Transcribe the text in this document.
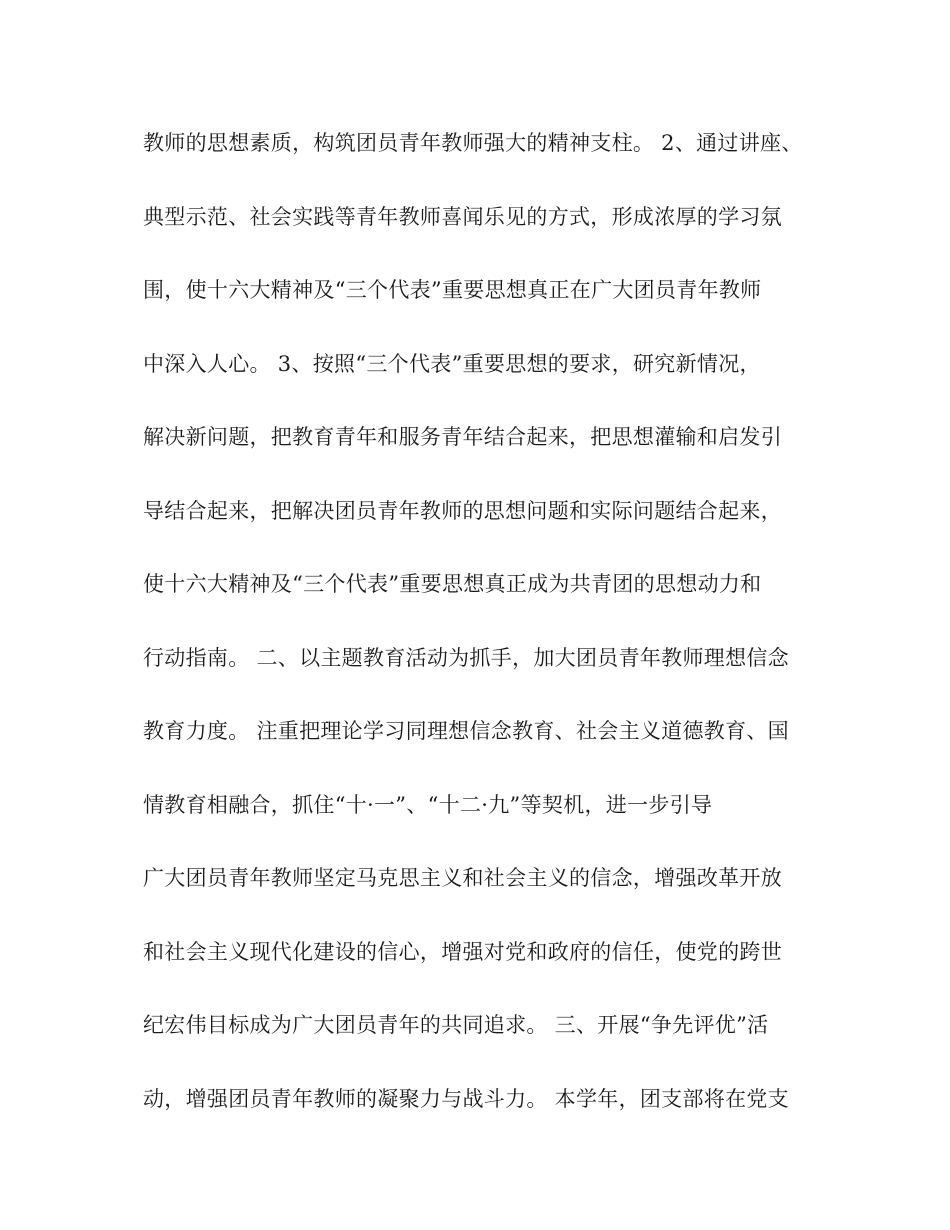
教师的思想素质，构筑团员青年教师强大的精神支柱。 2、通过讲座、
典型示范、社会实践等青年教师喜闻乐见的方式，形成浓厚的学习氛
围，使十六大精神及“三个代表”重要思想真正在广大团员青年教师
中深入人心。 3、按照“三个代表”重要思想的要求，研究新情况，
解决新问题，把教育青年和服务青年结合起来，把思想灌输和启发引
导结合起来，把解决团员青年教师的思想问题和实际问题结合起来，
使十六大精神及“三个代表”重要思想真正成为共青团的思想动力和
行动指南。 二、以主题教育活动为抓手，加大团员青年教师理想信念
教育力度。 注重把理论学习同理想信念教育、社会主义道德教育、国
情教育相融合，抓住“十·一”、“十二·九”等契机，进一步引导
广大团员青年教师坚定马克思主义和社会主义的信念，增强改革开放
和社会主义现代化建设的信心，增强对党和政府的信任，使党的跨世
纪宏伟目标成为广大团员青年的共同追求。 三、开展“争先评优”活
动，增强团员青年教师的凝聚力与战斗力。 本学年，团支部将在党支
